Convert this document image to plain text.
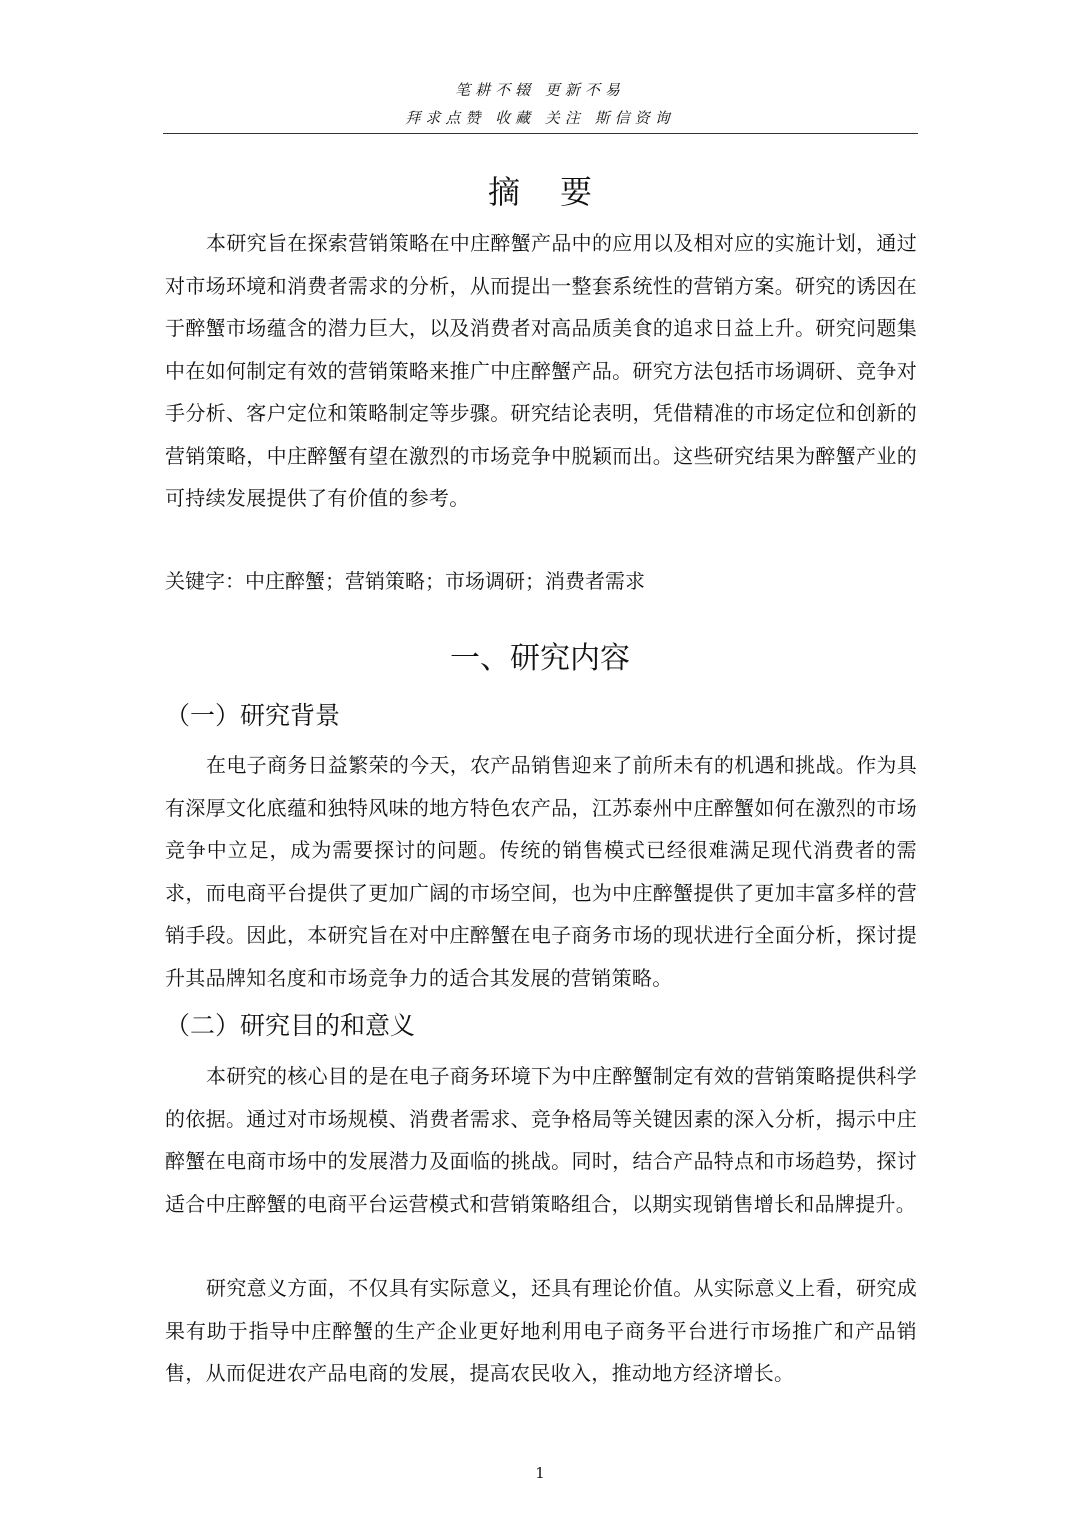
笔耕不辍 更新不易
拜求点赞 收藏 关注 斯信资询
摘要

本研究旨在探索营销策略在中庄醉蟹产品中的应用以及相对应的实施计划，通过对市场环境和消费者需求的分析，从而提出一整套系统性的营销方案。研究的诱因在于醉蟹市场蕴含的潜力巨大，以及消费者对高品质美食的追求日益上升。研究问题集中在如何制定有效的营销策略来推广中庄醉蟹产品。研究方法包括市场调研、竞争对手分析、客户定位和策略制定等步骤。研究结论表明，凭借精准的市场定位和创新的营销策略，中庄醉蟹有望在激烈的市场竞争中脱颖而出。这些研究结果为醉蟹产业的可持续发展提供了有价值的参考。

关键字：中庄醉蟹；营销策略；市场调研；消费者需求

一、研究内容
（一）研究背景

在电子商务日益繁荣的今天，农产品销售迎来了前所未有的机遇和挑战。作为具有深厚文化底蕴和独特风味的地方特色农产品，江苏泰州中庄醉蟹如何在激烈的市场竞争中立足，成为需要探讨的问题。传统的销售模式已经很难满足现代消费者的需求，而电商平台提供了更加广阔的市场空间，也为中庄醉蟹提供了更加丰富多样的营销手段。因此，本研究旨在对中庄醉蟹在电子商务市场的现状进行全面分析，探讨提升其品牌知名度和市场竞争力的适合其发展的营销策略。

（二）研究目的和意义

本研究的核心目的是在电子商务环境下为中庄醉蟹制定有效的营销策略提供科学的依据。通过对市场规模、消费者需求、竞争格局等关键因素的深入分析，揭示中庄醉蟹在电商市场中的发展潜力及面临的挑战。同时，结合产品特点和市场趋势，探讨适合中庄醉蟹的电商平台运营模式和营销策略组合，以期实现销售增长和品牌提升。

研究意义方面，不仅具有实际意义，还具有理论价值。从实际意义上看，研究成果有助于指导中庄醉蟹的生产企业更好地利用电子商务平台进行市场推广和产品销售，从而促进农产品电商的发展，提高农民收入，推动地方经济增长。

1
